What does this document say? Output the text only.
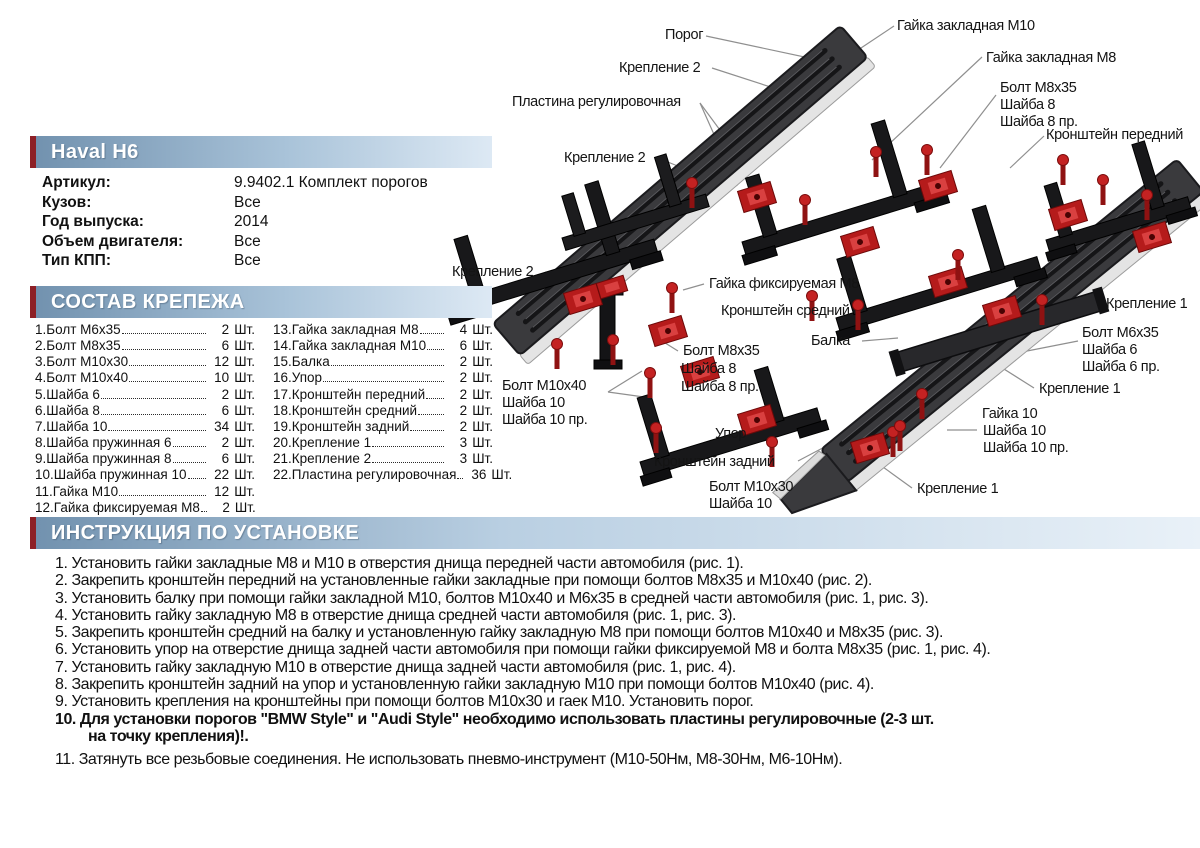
Порог
Гайка закладная М10
Крепление 2
Гайка закладная М8
Болт М8х35
Шайба 8
Шайба 8 пр.
Пластина регулировочная
Кронштейн передний
Крепление 2
Крепление 2
Гайка фиксируемая М8
Кронштейн средний
Балка
Крепление 1
Болт М6х35
Шайба 6
Шайба 6 пр.
Крепление 1
Болт М8х35
Шайба 8
Шайба 8 пр.
Болт М10х40
Шайба 10
Шайба 10 пр.	Гайка 10
Шайба 10
Шайба 10 пр.
Упор
Кронштейн задний
Болт М10х30
Шайба 10
Крепление 1
Haval H6
Артикул:	9.9402.1 Комплект порогов
Кузов:	Все
Год выпуска:	2014
Объем двигателя:	Все
Тип КПП:	Все
СОСТАВ КРЕПЕЖА
1.Болт М6х35	2 Шт.
2.Болт М8х35	6 Шт.
3.Болт М10х30	12 Шт.
4.Болт М10х40	10 Шт.
5.Шайба 6	2 Шт.
6.Шайба 8	6 Шт.
7.Шайба 10	34 Шт.
8.Шайба пружинная 6	2 Шт.
9.Шайба пружинная 8	6 Шт.
10.Шайба пружинная 10	22 Шт.
11.Гайка М10	12 Шт.
12.Гайка фиксируемая М8	2 Шт.
13.Гайка закладная М8	4 Шт.
14.Гайка закладная М10	6 Шт.
15.Балка	2 Шт.
16.Упор	2 Шт.
17.Кронштейн передний	2 Шт.
18.Кронштейн средний	2 Шт.
19.Кронштейн задний	2 Шт.
20.Крепление 1	3 Шт.
21.Крепление 2	3 Шт.
22.Пластина регулировочная	36 Шт.
ИНСТРУКЦИЯ ПО УСТАНОВКЕ
1. Установить гайки закладные М8 и М10 в отверстия днища передней части автомобиля (рис. 1).
2. Закрепить кронштейн передний на установленные гайки закладные при помощи болтов М8х35 и М10х40 (рис. 2).
3. Установить балку при помощи гайки закладной М10, болтов М10х40 и М6х35 в средней части автомобиля (рис. 1, рис. 3).
4. Установить гайку закладную М8 в отверстие днища средней части автомобиля (рис. 1, рис. 3).
5. Закрепить кронштейн средний на балку и установленную гайку закладную М8 при помощи болтов М10х40 и М8х35 (рис. 3).
6. Установить упор на отверстие днища задней части автомобиля при помощи гайки фиксируемой М8 и болта М8х35 (рис. 1, рис. 4).
7. Установить гайку закладную М10 в отверстие днища задней части автомобиля (рис. 1, рис. 4).
8. Закрепить кронштейн задний на упор и установленную гайки закладную М10 при помощи болтов М10х40 (рис. 4).
9. Установить крепления на кронштейны при помощи болтов М10х30 и гаек М10. Установить порог.
10. Для установки порогов "BMW Style" и "Audi Style" необходимо использовать пластины регулировочные (2-3 шт.
на точку крепления)!.
11. Затянуть все резьбовые соединения. Не использовать пневмо-инструмент (М10-50Нм, М8-30Нм, М6-10Нм).
